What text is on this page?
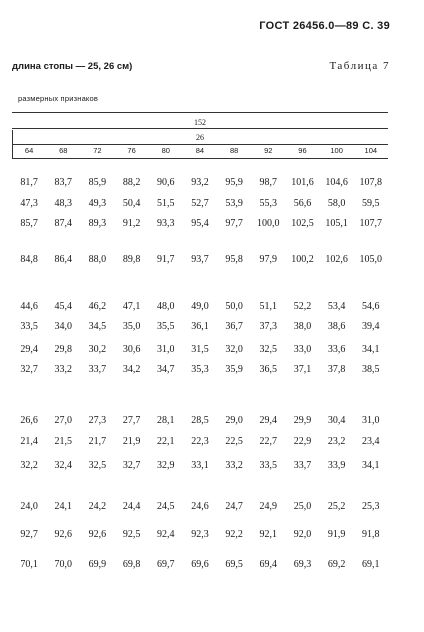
ГОСТ 26456.0—89 С. 39
Таблица 7
длина стопы — 25, 26 см)
размерных признаков
152
26
64	68	72	76	80	84	88	92	96	100	104
81,7	83,7	85,9	88,2	90,6	93,2	95,9	98,7	101,6	104,6	107,8
47,3	48,3	49,3	50,4	51,5	52,7	53,9	55,3	56,6	58,0	59,5
85,7	87,4	89,3	91,2	93,3	95,4	97,7	100,0	102,5	105,1	107,7
84,8	86,4	88,0	89,8	91,7	93,7	95,8	97,9	100,2	102,6	105,0
44,6	45,4	46,2	47,1	48,0	49,0	50,0	51,1	52,2	53,4	54,6
33,5	34,0	34,5	35,0	35,5	36,1	36,7	37,3	38,0	38,6	39,4
29,4	29,8	30,2	30,6	31,0	31,5	32,0	32,5	33,0	33,6	34,1
32,7	33,2	33,7	34,2	34,7	35,3	35,9	36,5	37,1	37,8	38,5
26,6	27,0	27,3	27,7	28,1	28,5	29,0	29,4	29,9	30,4	31,0
21,4	21,5	21,7	21,9	22,1	22,3	22,5	22,7	22,9	23,2	23,4
32,2	32,4	32,5	32,7	32,9	33,1	33,2	33,5	33,7	33,9	34,1
24,0	24,1	24,2	24,4	24,5	24,6	24,7	24,9	25,0	25,2	25,3
92,7	92,6	92,6	92,5	92,4	92,3	92,2	92,1	92,0	91,9	91,8
70,1	70,0	69,9	69,8	69,7	69,6	69,5	69,4	69,3	69,2	69,1
